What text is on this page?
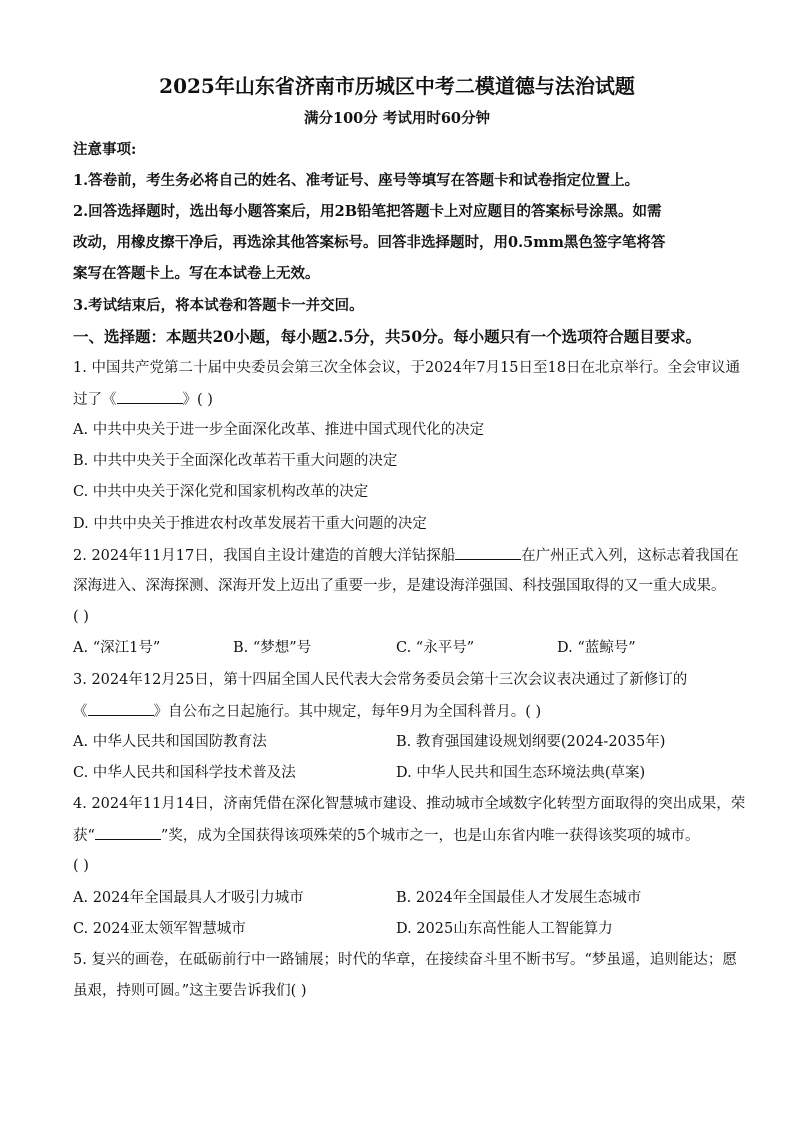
2025年山东省济南市历城区中考二模道德与法治试题
满分100分 考试用时60分钟
注意事项:
1.答卷前，考生务必将自己的姓名、准考证号、座号等填写在答题卡和试卷指定位置上。
2.回答选择题时，选出每小题答案后，用2B铅笔把答题卡上对应题目的答案标号涂黑。如需
改动，用橡皮擦干净后，再选涂其他答案标号。回答非选择题时，用0.5mm黑色签字笔将答
案写在答题卡上。写在本试卷上无效。
3.考试结束后，将本试卷和答题卡一并交回。
一、选择题：本题共20小题，每小题2.5分，共50分。每小题只有一个选项符合题目要求。
1. 中国共产党第二十届中央委员会第三次全体会议，于2024年7月15日至18日在北京举行。全会审议通
过了《	》( )
A. 中共中央关于进一步全面深化改革、推进中国式现代化的决定
B. 中共中央关于全面深化改革若干重大问题的决定
C. 中共中央关于深化党和国家机构改革的决定
D. 中共中央关于推进农村改革发展若干重大问题的决定
2. 2024年11月17日，我国自主设计建造的首艘大洋钻探船	在广州正式入列，这标志着我国在
深海进入、深海探测、深海开发上迈出了重要一步，是建设海洋强国、科技强国取得的又一重大成果。
( )
A. “深江1号”	B. “梦想”号	C. “永平号”	D. “蓝鲸号”
3. 2024年12月25日，第十四届全国人民代表大会常务委员会第十三次会议表决通过了新修订的
《	》自公布之日起施行。其中规定，每年9月为全国科普月。( )
A. 中华人民共和国国防教育法	B. 教育强国建设规划纲要(2024-2035年)
C. 中华人民共和国科学技术普及法	D. 中华人民共和国生态环境法典(草案)
4. 2024年11月14日，济南凭借在深化智慧城市建设、推动城市全域数字化转型方面取得的突出成果，荣
获“	”奖，成为全国获得该项殊荣的5个城市之一，也是山东省内唯一获得该奖项的城市。
( )
A. 2024年全国最具人才吸引力城市	B. 2024年全国最佳人才发展生态城市
C. 2024亚太领军智慧城市	D. 2025山东高性能人工智能算力
5. 复兴的画卷，在砥砺前行中一路铺展；时代的华章，在接续奋斗里不断书写。“梦虽遥，追则能达；愿
虽艰，持则可圆。”这主要告诉我们( )
